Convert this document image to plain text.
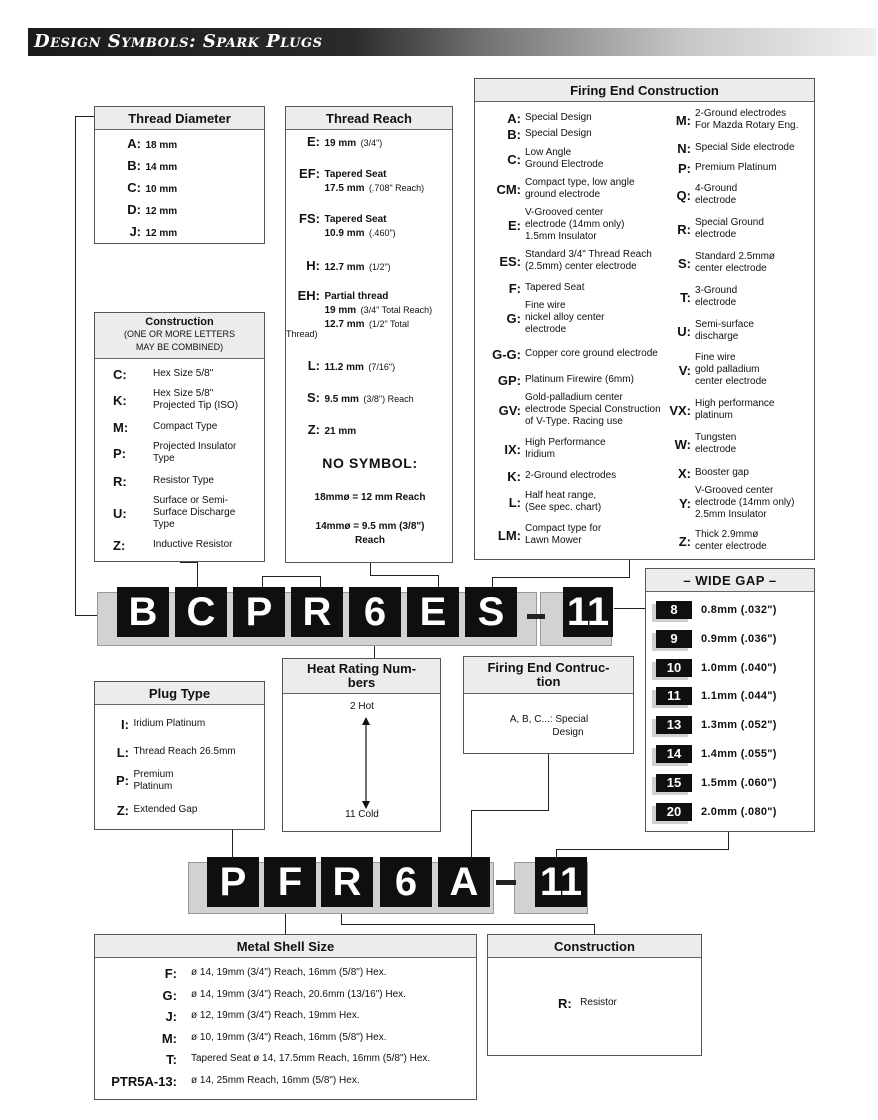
Design Symbols: Spark Plugs
Thread Diameter
A: 18 mm
B: 14 mm
C: 10 mm
D: 12 mm
J: 12 mm
Construction
(ONE OR MORE LETTERS
MAY BE COMBINED)
C:	Hex Size 5/8"
K:	Hex Size 5/8"
Projected Tip (ISO)
M: Compact Type
P:	Projected Insulator
Type
R:	Resistor Type
U:Surface or Semi-
Surface Discharge
Type
Z:	Inductive Resistor
Thread Reach
E: 19 mm (3/4")
EF: Tapered Seat
17.5 mm (.708" Reach)
FS: Tapered Seat
10.9 mm (.460")
H: 12.7 mm (1/2")
EH: Partial thread
19 mm (3/4" Total Reach)
12.7 mm (1/2" Total
Thread)
L: 11.2 mm (7/16")
S: 9.5 mm (3/8") Reach
Z: 21 mm
NO SYMBOL:
18mmø = 12 mm Reach
14mmø = 9.5 mm (3/8")
Reach
Firing End Construction
A: Special Design
B: Special Design
C: Low Angle
Ground Electrode
CM: Compact type, low angle
ground electrode
E:V-Grooved center
electrode (14mm only)
1.5mm Insulator
ES: Standard 3/4" Thread Reach
(2.5mm) center electrode
F: Tapered Seat
G:Fine wire
nickel alloy center
electrode
G-G: Copper core ground electrode
GP: Platinum Firewire (6mm)
GV:Gold-palladium center
electrode Special Construction
of V-Type. Racing use
IX: High Performance
Iridium
K: 2-Ground electrodes
L: Half heat range,
(See spec. chart)
LM: Compact type for
Lawn Mower
M: 2-Ground electrodes
For Mazda Rotary Eng.
N: Special Side electrode
P: Premium Platinum
Q: 4-Ground
electrode
R: Special Ground
electrode
S: Standard 2.5mmø
center electrode
T: 3-Ground
electrode
U: Semi-surface
discharge
V:Fine wire
gold palladium
center electrode
VX: High performance
platinum
W: Tungsten
electrode
X: Booster gap
Y:V-Grooved center
electrode (14mm only)
2.5mm Insulator
Z: Thick 2.9mmø
center electrode
B C P R 6 E S	11
– WIDE GAP –
8	0.8mm (.032")
9	0.9mm (.036")
10	1.0mm (.040")
11	1.1mm (.044")
13	1.3mm (.052")
14	1.4mm (.055")
15	1.5mm (.060")
20	2.0mm (.080")
Heat Rating Num-
bers
2 Hot
11 Cold
Firing End Contruc-
tion
A, B, C...: Special
Design
Plug Type
I: Iridium Platinum
L: Thread Reach 26.5mm
P: Premium
Platinum
Z: Extended Gap
P F R 6 A 11
Metal Shell Size
F: ø 14, 19mm (3/4") Reach, 16mm (5/8") Hex.
G: ø 14, 19mm (3/4") Reach, 20.6mm (13/16") Hex.
J: ø 12, 19mm (3/4") Reach, 19mm Hex.
M: ø 10, 19mm (3/4") Reach, 16mm (5/8") Hex.
T: Tapered Seat ø 14, 17.5mm Reach, 16mm (5/8") Hex.
PTR5A-13: ø 14, 25mm Reach, 16mm (5/8") Hex.
Construction
R: Resistor
